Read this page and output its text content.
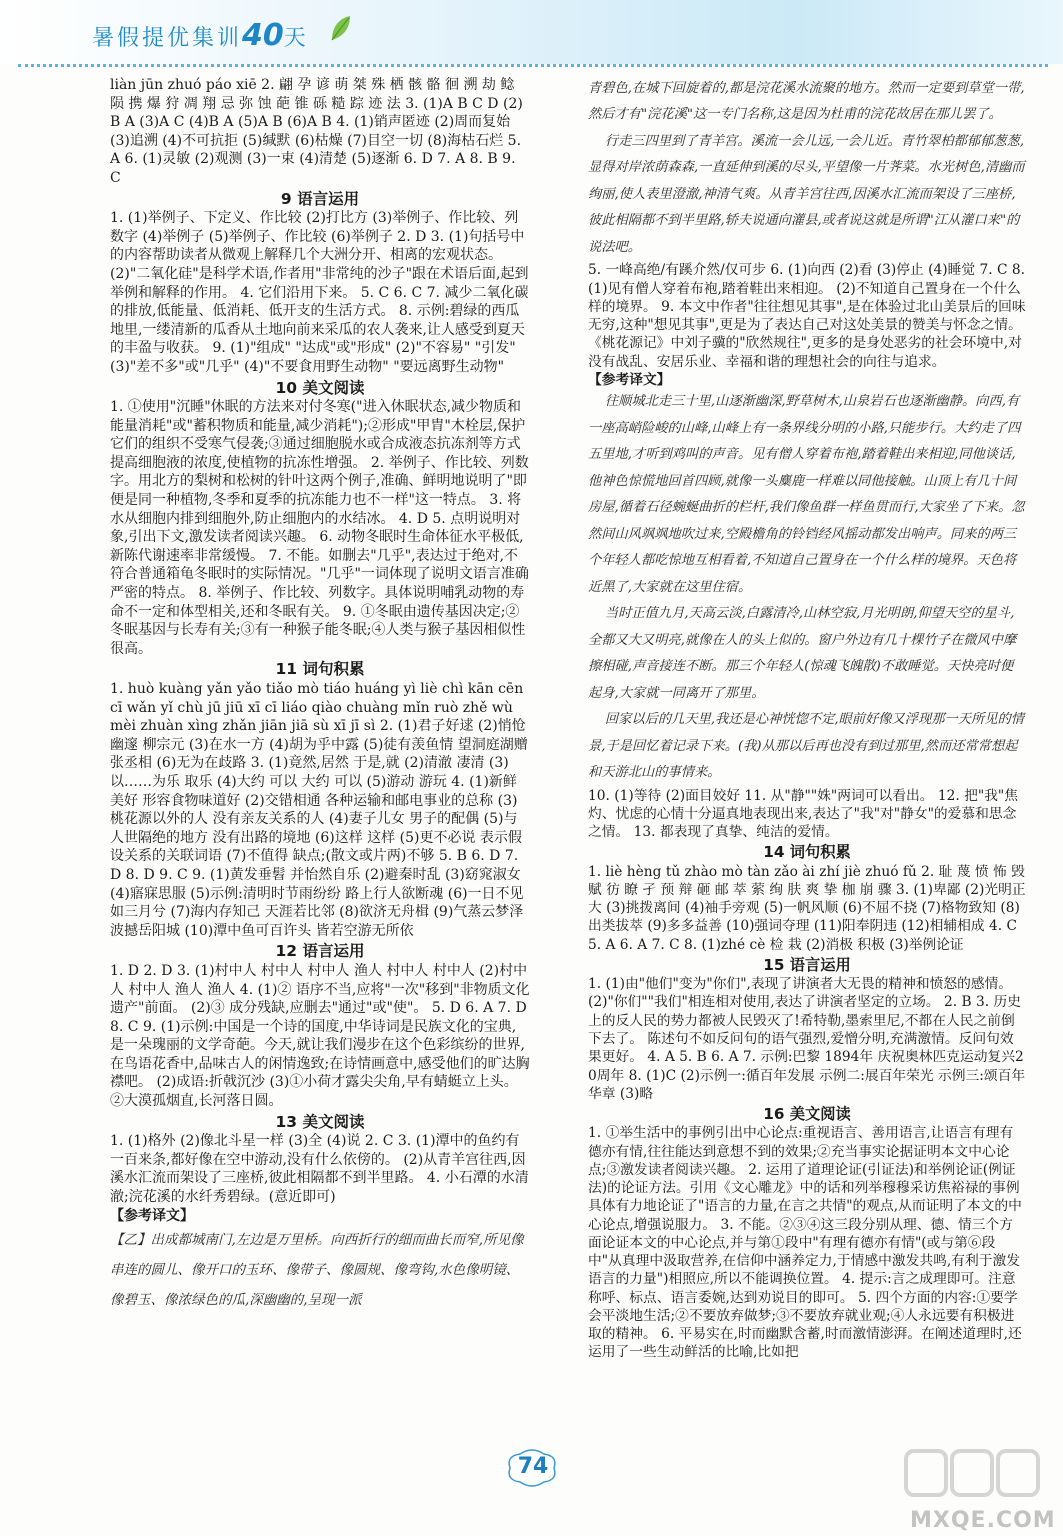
暑假提优集训40天
liàn jūn zhuó páo xiē 2. 翩 孕 谚 萌 桀 殊 栖 骸 骼 徊 溯 劫 鲶 陨 携 爆 狩 凋 翔 忌 弥 蚀 葩 锥 砾 糙 踪 迹 法 3. (1)A B C D (2)B A (3)A C (4)B A (5)A B (6)A B 4. (1)销声匿迹 (2)周而复始 (3)追溯 (4)不可抗拒 (5)缄默 (6)枯燥 (7)目空一切 (8)海枯石烂 5. A 6. (1)灵敏 (2)观测 (3)一束 (4)清楚 (5)逐渐 6. D 7. A 8. B 9. C
9 语言运用
1. (1)举例子、下定义、作比较 (2)打比方 (3)举例子、作比较、列数字 (4)举例子 (5)举例子、作比较 (6)举例子 2. D 3. (1)句括号中的内容帮助读者从微观上解释几个大洲分开、相离的宏观状态。 (2)"二氧化硅"是科学术语,作者用"非常纯的沙子"跟在术语后面,起到举例和解释的作用。 4. 它们沿用下来。 5. C 6. C 7. 减少二氧化碳的排放,低能量、低消耗、低开支的生活方式。 8. 示例:碧绿的西瓜地里,一缕清新的瓜香从土地向前来采瓜的农人袭来,让人感受到夏天的丰盈与收获。 9. (1)"组成" "达成"或"形成" (2)"不容易" "引发" (3)"差不多"或"几乎" (4)"不要食用野生动物" "要远离野生动物"
10 美文阅读
1. ①使用"沉睡"休眠的方法来对付冬寒("进入休眠状态,减少物质和能量消耗"或"蓄积物质和能量,减少消耗");②形成"甲胄"木栓层,保护它们的组织不受寒气侵袭;③通过细胞脱水或合成液态抗冻剂等方式提高细胞液的浓度,使植物的抗冻性增强。 2. 举例子、作比较、列数字。用北方的梨树和松树的针叶这两个例子,准确、鲜明地说明了"即便是同一种植物,冬季和夏季的抗冻能力也不一样"这一特点。 3. 将水从细胞内排到细胞外,防止细胞内的水结冰。 4. D 5. 点明说明对象,引出下文,激发读者阅读兴趣。 6. 动物冬眠时生命体征水平极低,新陈代谢速率非常缓慢。 7. 不能。如删去"几乎",表达过于绝对,不符合普通箱龟冬眠时的实际情况。"几乎"一词体现了说明文语言准确严密的特点。 8. 举例子、作比较、列数字。具体说明哺乳动物的寿命不一定和体型相关,还和冬眠有关。 9. ①冬眠由遗传基因决定;②冬眠基因与长寿有关;③有一种猴子能冬眠;④人类与猴子基因相似性很高。
11 词句积累
1. huò kuàng yǎn yǎo tiǎo mò tiáo huáng yì liè chì kān cēn cī wǎn yǐ chù jū jiū xī cī liáo qiào chuàng mǐn ruò zhě wù mèi zhuàn xìng zhǎn jiān jiā sù xī jī sì 2. (1)君子好逑 (2)悄怆幽邃 柳宗元 (3)在水一方 (4)胡为乎中露 (5)徒有羡鱼情 望洞庭湖赠张丞相 (6)无为在歧路 3. (1)竟然,居然 于是,就 (2)清澈 凄清 (3)以……为乐 取乐 (4)大约 可以 大约 可以 (5)游动 游玩 4. (1)新鲜美好 形容食物味道好 (2)交错相通 各种运输和邮电事业的总称 (3)桃花源以外的人 没有亲友关系的人 (4)妻子儿女 男子的配偶 (5)与人世隔绝的地方 没有出路的境地 (6)这样 这样 (5)更不必说 表示假设关系的关联词语 (7)不值得 缺点;(散文或片两)不够 5. B 6. D 7. D 8. D 9. C 9. (1)黄发垂髫 并怡然自乐 (2)避秦时乱 (3)窈窕淑女 (4)寤寐思服 (5)示例:清明时节雨纷纷 路上行人欲断魂 (6)一日不见如三月兮 (7)海内存知己 天涯若比邻 (8)欲济无舟楫 (9)气蒸云梦泽 波撼岳阳城 (10)潭中鱼可百许头 皆若空游无所依
12 语言运用
1. D 2. D 3. (1)村中人 村中人 村中人 渔人 村中人 村中人 (2)村中人 村中人 渔人 渔人 4. (1)② 语序不当,应将"一次"移到"非物质文化遗产"前面。 (2)③ 成分残缺,应删去"通过"或"使"。 5. D 6. A 7. D 8. C 9. (1)示例:中国是一个诗的国度,中华诗词是民族文化的宝典,是一朵瑰丽的文学奇葩。今天,就让我们漫步在这个色彩缤纷的世界,在鸟语花香中,品味古人的闲情逸致;在诗情画意中,感受他们的旷达胸襟吧。 (2)成语:折戟沉沙 (3)①小荷才露尖尖角,早有蜻蜓立上头。 ②大漠孤烟直,长河落日圆。
13 美文阅读
1. (1)格外 (2)像北斗星一样 (3)全 (4)说 2. C 3. (1)潭中的鱼约有一百来条,都好像在空中游动,没有什么依傍的。 (2)从青羊宫往西,因溪水汇流而架设了三座桥,彼此相隔都不到半里路。 4. 小石潭的水清澈;浣花溪的水纤秀碧绿。(意近即可)
【参考译文】
【乙】出成都城南门,左边是万里桥。向西折行的细而曲长而窄,所见像串连的圆儿、像开口的玉环、像带子、像圆规、像弯钩,水色像明镜、像碧玉、像浓绿色的瓜,深幽幽的,呈现一派
青碧色,在城下回旋着的,都是浣花溪水流聚的地方。然而一定要到草堂一带,然后才有"浣花溪"这一专门名称,这是因为杜甫的浣花故居在那儿罢了。
行走三四里到了青羊宫。溪流一会儿远,一会儿近。青竹翠柏都郁郁葱葱,显得对岸浓荫森森,一直延伸到溪的尽头,平望像一片荠菜。水光树色,清幽而绚丽,使人表里澄澈,神清气爽。从青羊宫往西,因溪水汇流而架设了三座桥,彼此相隔都不到半里路,轿夫说通向灌县,或者说这就是所谓"江从灌口来"的说法吧。
5. 一峰高绝/有蹊介然/仅可步 6. (1)向西 (2)看 (3)停止 (4)睡觉 7. C 8. (1)见有僧人穿着布袍,踏着鞋出来相迎。 (2)不知道自己置身在一个什么样的境界。 9. 本文中作者"往往想见其事",是在体验过北山美景后的回味无穷,这种"想见其事",更是为了表达自己对这处美景的赞美与怀念之情。《桃花源记》中刘子骥的"欣然规往",更多的是身处恶劣的社会环境中,对没有战乱、安居乐业、幸福和谐的理想社会的向往与追求。
【参考译文】
往顺城北走三十里,山逐渐幽深,野草树木,山泉岩石也逐渐幽静。向西,有一座高峭险峻的山峰,山峰上有一条界线分明的小路,只能步行。大约走了四五里地,才听到鸡叫的声音。见有僧人穿着布袍,踏着鞋出来相迎,同他谈话,他神色惊慌地回首四顾,就像一头麋鹿一样难以同他接触。山顶上有几十间房屋,循着石径蜿蜒曲折的栏杆,我们像鱼群一样鱼贯而行,大家坐了下来。忽然间山风飒飒地吹过来,空殿檐角的铃铛经风摇动都发出响声。同来的两三个年轻人都吃惊地互相看着,不知道自己置身在一个什么样的境界。天色将近黑了,大家就在这里住宿。
当时正值九月,天高云淡,白露清冷,山林空寂,月光明朗,仰望天空的星斗,全都又大又明亮,就像在人的头上似的。窗户外边有几十棵竹子在微风中摩擦相碰,声音接连不断。那三个年轻人(惊魂飞魄散)不敢睡觉。天快亮时便起身,大家就一同离开了那里。
回家以后的几天里,我还是心神恍惚不定,眼前好像又浮现那一天所见的情景,于是回忆着记录下来。(我)从那以后再也没有到过那里,然而还常常想起和天游北山的事情来。
10. (1)等待 (2)面目姣好 11. 从"静""姝"两词可以看出。 12. 把"我"焦灼、忧虑的心情十分逼真地表现出来,表达了"我"对"静女"的爱慕和思念之情。 13. 都表现了真挚、纯洁的爱情。
14 词句积累
1. liè hèng tǔ zhào mò tàn zǎo ài zhí jiè zhuó fǔ 2. 耻 蔑 愤 怖 毁 赋 彷 瞭 孑 预 辩 砸 邮 萃 萦 绚 肤 爽 挚 枷 崩 骤 3. (1)卑鄙 (2)光明正大 (3)挑拨离间 (4)袖手旁观 (5)一帆风顺 (6)不屈不挠 (7)格物致知 (8)出类拔萃 (9)多多益善 (10)强词夺理 (11)阳奉阴违 (12)相辅相成 4. C 5. A 6. A 7. C 8. (1)zhé cè 检 栽 (2)消极 积极 (3)举例论证
15 语言运用
1. (1)由"他们"变为"你们",表现了讲演者大无畏的精神和愤怒的感情。 (2)"你们""我们"相连相对使用,表达了讲演者坚定的立场。 2. B 3. 历史上的反人民的势力都被人民毁灭了!希特勒,墨索里尼,不都在人民之前倒下去了。 陈述句不如反问句的语气强烈,爱憎分明,充满激情。反问句效果更好。 4. A 5. B 6. A 7. 示例:巴黎 1894年 庆祝奥林匹克运动复兴20周年 8. (1)C (2)示例一:循百年发展 示例二:展百年荣光 示例三:颂百年华章 (3)略
16 美文阅读
1. ①举生活中的事例引出中心论点:重视语言、善用语言,让语言有理有德亦有情,往往能达到意想不到的效果;②充当事实论据证明本文中心论点;③激发读者阅读兴趣。 2. 运用了道理论证(引证法)和举例论证(例证法)的论证方法。引用《文心雕龙》中的话和列举穆穆采访焦裕禄的事例具体有力地论证了"语言的力量,在言之共情"的观点,从而证明了本文的中心论点,增强说服力。 3. 不能。②③④这三段分别从理、德、情三个方面论证本文的中心论点,并与第①段中"有理有德亦有情"(或与第⑥段中"从真理中汲取营养,在信仰中涵养定力,于情感中激发共鸣,有利于激发语言的力量")相照应,所以不能调换位置。 4. 提示:言之成理即可。注意称呼、标点、语言委婉,达到劝说目的即可。 5. 四个方面的内容:①要学会平淡地生活;②不要放弃做梦;③不要放弃就业观;④人永远要有积极进取的精神。 6. 平易实在,时而幽默含蓄,时而激情澎湃。在阐述道理时,还运用了一些生动鲜活的比喻,比如把
74
MXQE.COM
